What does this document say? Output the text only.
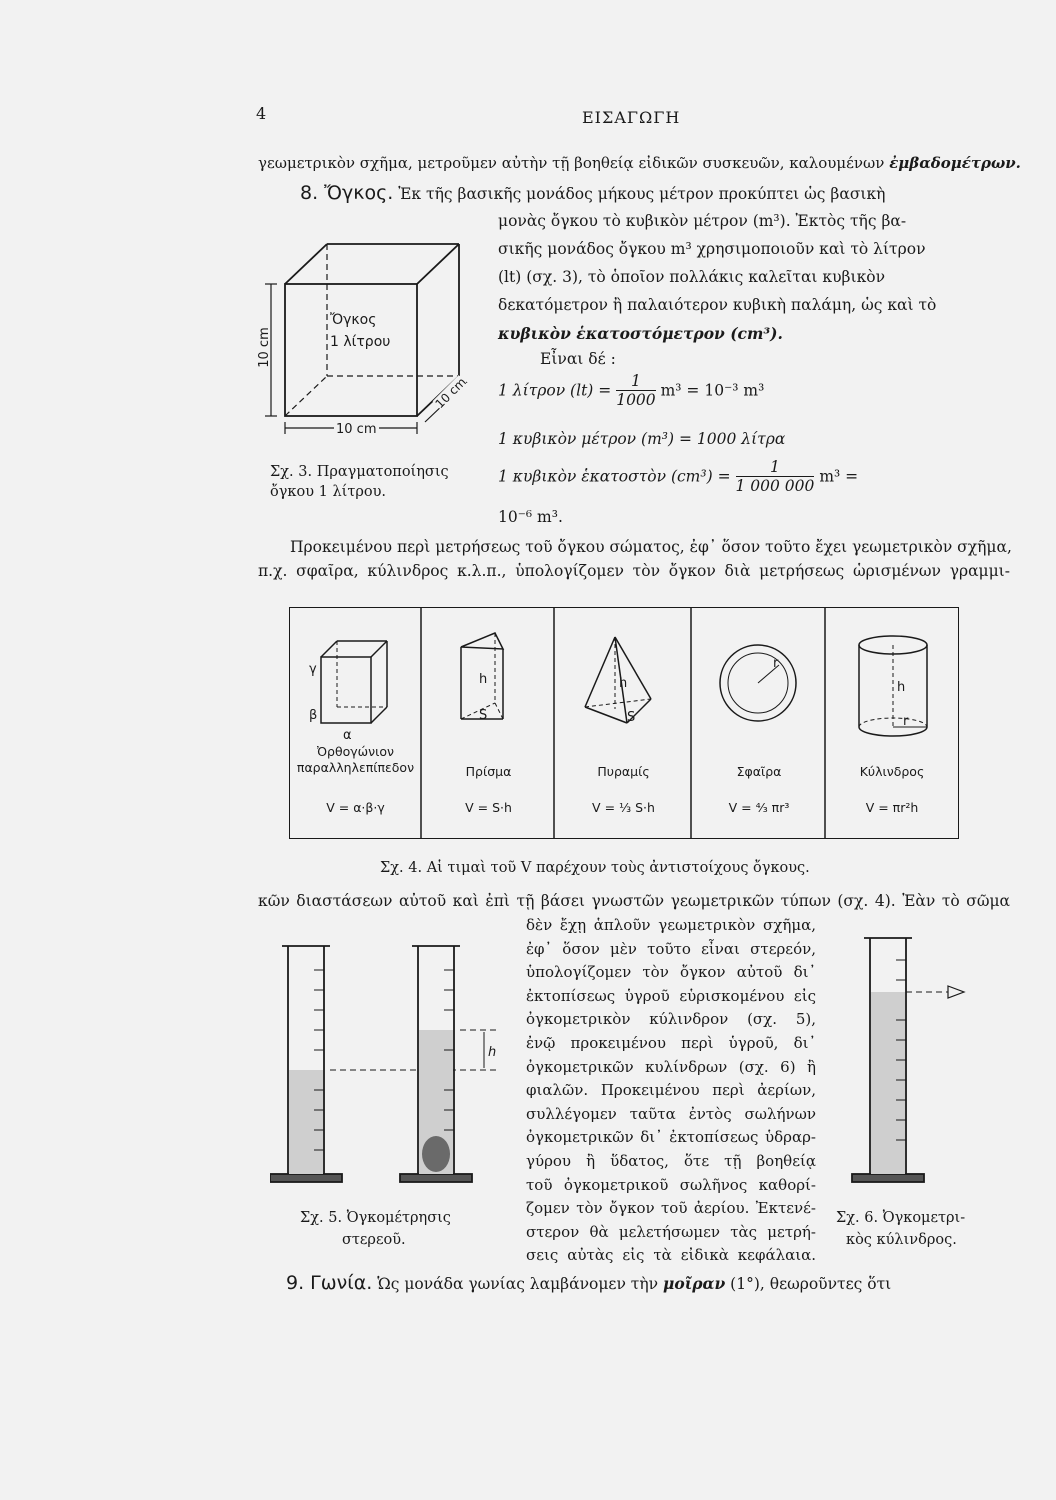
4	ΕΙΣΑΓΩΓΗ
γεωμετρικὸν σχῆμα, μετροῦμεν αὐτὴν τῇ βοηθείᾳ εἰδικῶν συσκευῶν, καλουμένων ἐμβαδομέτρων.
8. Ὄγκος. Ἐκ τῆς βασικῆς μονάδος μήκους μέτρον προκύπτει ὡς βασικὴ
μονὰς ὄγκου τὸ κυβικὸν μέτρον (m³). Ἐκτὸς τῆς βα-
σικῆς μονάδος ὄγκου m³ χρησιμοποιοῦν καὶ τὸ λίτρον
(lt) (σχ. 3), τὸ ὁποῖον πολλάκις καλεῖται κυβικὸν
δεκατόμετρον ἢ παλαιότερον κυβικὴ παλάμη, ὡς καὶ τὸ
κυβικὸν ἑκατοστόμετρον (cm³).
Εἶναι δέ :
1 λίτρον $(lt) = \frac{1}{1000} m^3 = 10^{-3}$ m³
1 κυβικὸν μέτρον (m³) = 1000 λίτρα
1 κυβικὸν ἑκατοστὸν $(cm^3) = \frac{1}{1 000 000} m^3$ =
10⁻⁶ m³.
10 cm
10 cm
10 cm
Ὄγκος
1 λίτρου
Σχ. 3. Πραγματοποίησις
ὄγκου 1 λίτρου.
Προκειμένου περὶ μετρήσεως τοῦ ὄγκου σώματος, ἐφ᾿ ὅσον τοῦτο ἔχει γεωμετρικὸν σχῆμα,
π.χ. σφαῖρα, κύλινδρος κ.λ.π., ὑπολογίζομεν τὸν ὄγκον διὰ μετρήσεως ὡρισμένων γραμμι-
γ
β
α
h
S
h
S
r
h
r
Ὀρθογώνιον
παραλληλεπίπεδον	Πρίσμα	Πυραμίς	Σφαῖρα	Κύλινδρος
V = α·β·γ	V = S·h	V = ⅓ S·h	V = ⁴⁄₃ πr³	V = πr²h
Σχ. 4. Αἱ τιμαὶ τοῦ V παρέχουν τοὺς ἀντιστοίχους ὄγκους.
κῶν διαστάσεων αὐτοῦ καὶ ἐπὶ τῇ βάσει γνωστῶν γεωμετρικῶν τύπων (σχ. 4). Ἐὰν τὸ σῶμα
δὲν ἔχῃ ἁπλοῦν γεωμετρικὸν σχῆμα,
ἐφ᾿ ὅσον μὲν τοῦτο εἶναι στερεόν,
ὑπολογίζομεν τὸν ὄγκον αὐτοῦ δι᾿
ἐκτοπίσεως ὑγροῦ εὑρισκομένου εἰς
ὀγκομετρικὸν κύλινδρον (σχ. 5),
ἐνῷ προκειμένου περὶ ὑγροῦ, δι᾿
ὀγκομετρικῶν κυλίνδρων (σχ. 6) ἢ
φιαλῶν. Προκειμένου περὶ ἀερίων,
συλλέγομεν ταῦτα ἐντὸς σωλήνων
ὀγκομετρικῶν δι᾿ ἐκτοπίσεως ὑδραρ-
γύρου ἢ ὕδατος, ὅτε τῇ βοηθείᾳ
τοῦ ὀγκομετρικοῦ σωλῆνος καθορί-
ζομεν τὸν ὄγκον τοῦ ἀερίου. Ἐκτενέ-
στερον θὰ μελετήσωμεν τὰς μετρή-
σεις αὐτὰς εἰς τὰ εἰδικὰ κεφάλαια.
h
Σχ. 5. Ὀγκομέτρησις
στερεοῦ.
Σχ. 6. Ὀγκομετρι-
κὸς κύλινδρος.
9. Γωνία. Ὡς μονάδα γωνίας λαμβάνομεν τὴν μοῖραν (1°), θεωροῦντες ὅτι
